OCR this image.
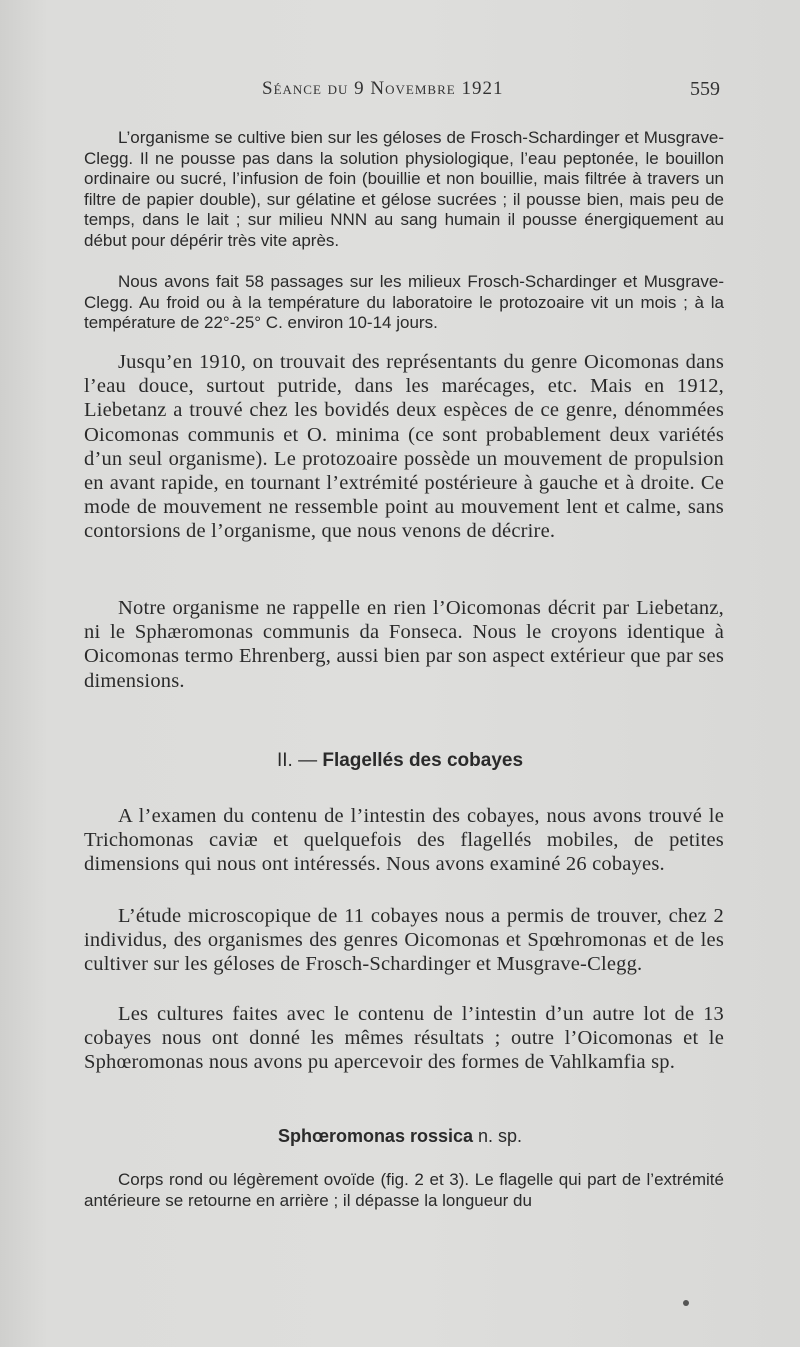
Séance du 9 Novembre 1921	559

L’organisme se cultive bien sur les géloses de Frosch-Schardinger et Musgrave-Clegg. Il ne pousse pas dans la solution physiologique, l’eau peptonée, le bouillon ordinaire ou sucré, l’infusion de foin (bouillie et non bouillie, mais filtrée à travers un filtre de papier double), sur gélatine et gélose sucrées ; il pousse bien, mais peu de temps, dans le lait ; sur milieu NNN au sang humain il pousse énergiquement au début pour dépérir très vite après.

Nous avons fait 58 passages sur les milieux Frosch-Schardinger et Musgrave-Clegg. Au froid ou à la température du laboratoire le protozoaire vit un mois ; à la température de 22°-25° C. environ 10-14 jours.

Jusqu’en 1910, on trouvait des représentants du genre Oicomonas dans l’eau douce, surtout putride, dans les marécages, etc. Mais en 1912, Liebetanz a trouvé chez les bovidés deux espèces de ce genre, dénommées Oicomonas communis et O. minima (ce sont probablement deux variétés d’un seul organisme). Le protozoaire possède un mouvement de propulsion en avant rapide, en tournant l’extrémité postérieure à gauche et à droite. Ce mode de mouvement ne ressemble point au mouvement lent et calme, sans contorsions de l’organisme, que nous venons de décrire.

Notre organisme ne rappelle en rien l’Oicomonas décrit par Liebetanz, ni le Sphæromonas communis da Fonseca. Nous le croyons identique à Oicomonas termo Ehrenberg, aussi bien par son aspect extérieur que par ses dimensions.

II. — Flagellés des cobayes

A l’examen du contenu de l’intestin des cobayes, nous avons trouvé le Trichomonas caviæ et quelquefois des flagellés mobiles, de petites dimensions qui nous ont intéressés. Nous avons examiné 26 cobayes.

L’étude microscopique de 11 cobayes nous a permis de trouver, chez 2 individus, des organismes des genres Oicomonas et Spœhromonas et de les cultiver sur les géloses de Frosch-Schardinger et Musgrave-Clegg.

Les cultures faites avec le contenu de l’intestin d’un autre lot de 13 cobayes nous ont donné les mêmes résultats ; outre l’Oicomonas et le Sphœromonas nous avons pu apercevoir des formes de Vahlkamfia sp.

Sphœromonas rossica n. sp.

Corps rond ou légèrement ovoïde (fig. 2 et 3). Le flagelle qui part de l’extrémité antérieure se retourne en arrière ; il dépasse la longueur du
